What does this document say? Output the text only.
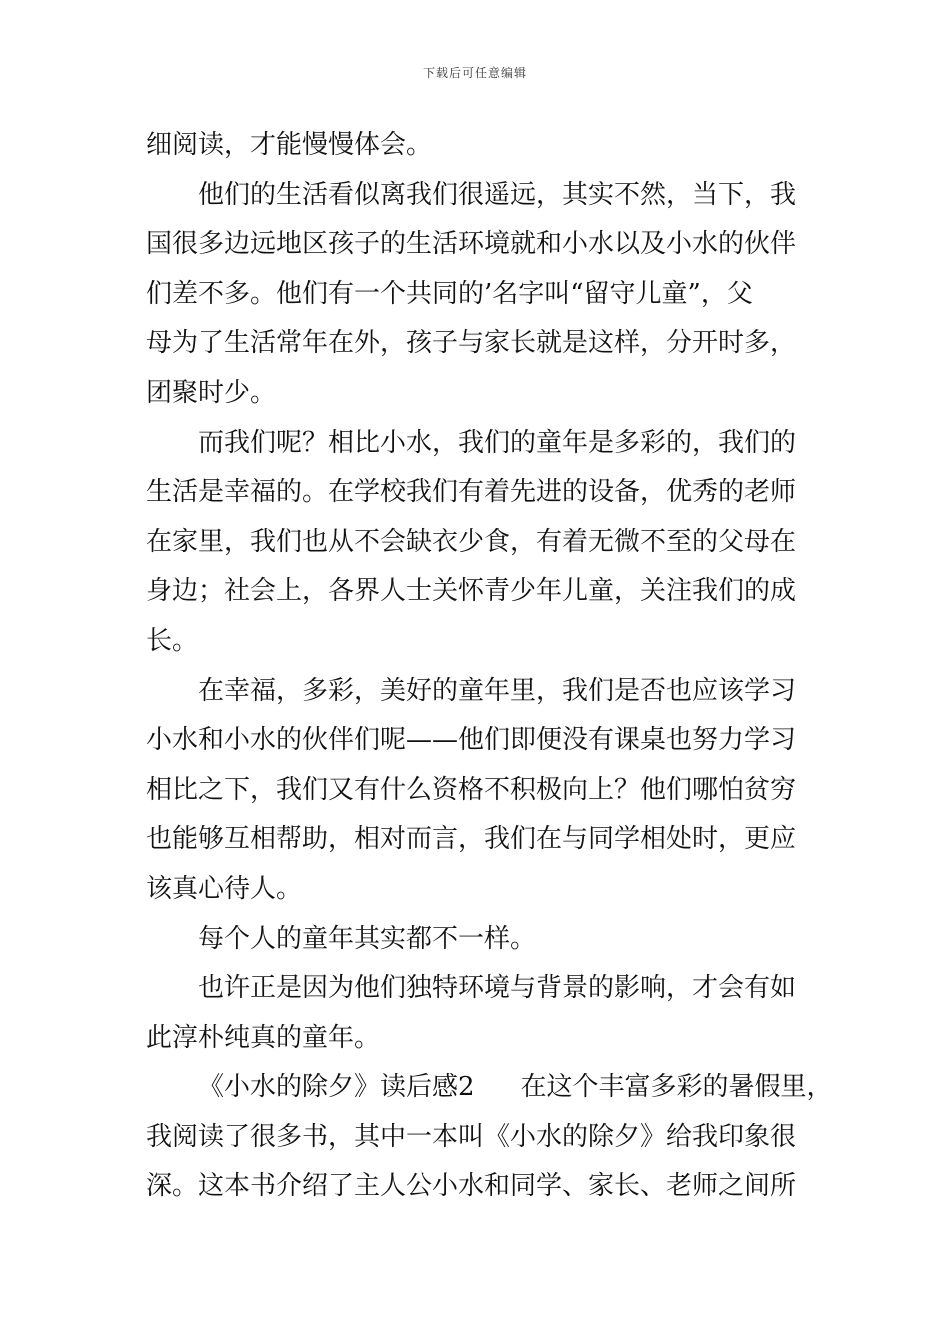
下载后可任意编辑
细阅读，才能慢慢体会。
他们的生活看似离我们很遥远，其实不然，当下，我
国很多边远地区孩子的生活环境就和小水以及小水的伙伴
们差不多。他们有一个共同的’名字叫“留守儿童”，父
母为了生活常年在外，孩子与家长就是这样，分开时多，
团聚时少。
而我们呢？相比小水，我们的童年是多彩的，我们的
生活是幸福的。在学校我们有着先进的设备，优秀的老师
在家里，我们也从不会缺衣少食，有着无微不至的父母在
身边；社会上，各界人士关怀青少年儿童，关注我们的成
长。
在幸福，多彩，美好的童年里，我们是否也应该学习
小水和小水的伙伴们呢——他们即便没有课桌也努力学习
相比之下，我们又有什么资格不积极向上？他们哪怕贫穷
也能够互相帮助，相对而言，我们在与同学相处时，更应
该真心待人。
每个人的童年其实都不一样。
也许正是因为他们独特环境与背景的影响，才会有如
此淳朴纯真的童年。
《小水的除夕》读后感2 在这个丰富多彩的暑假里，
我阅读了很多书，其中一本叫《小水的除夕》给我印象很
深。这本书介绍了主人公小水和同学、家长、老师之间所
